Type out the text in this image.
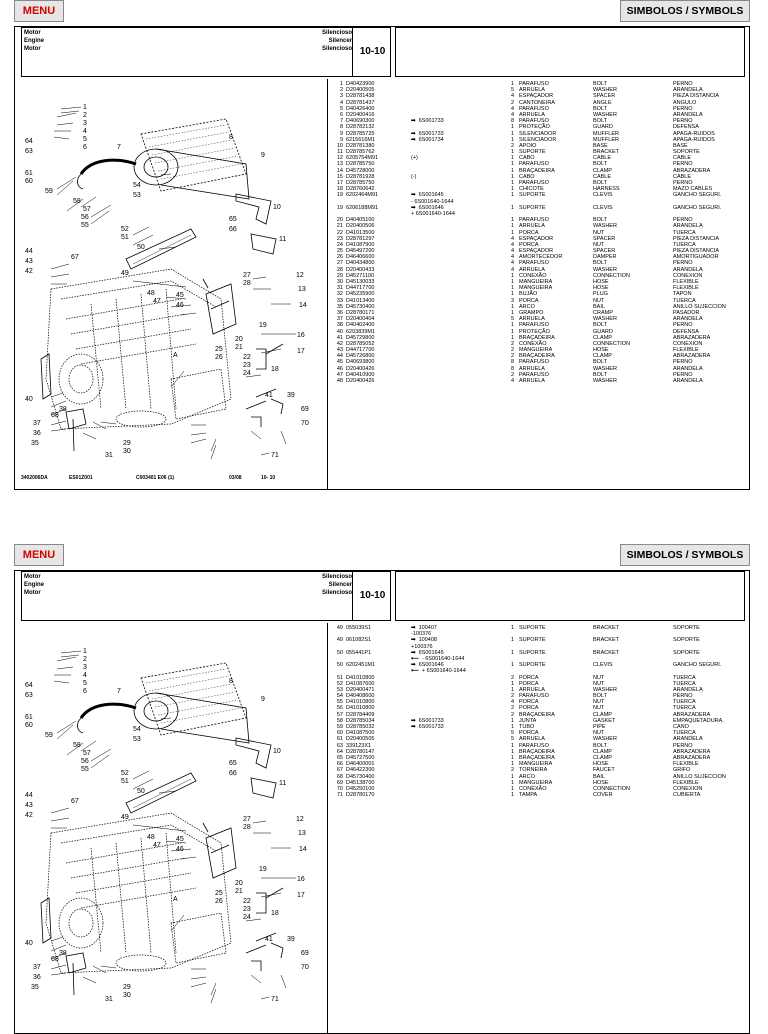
MENU	SIMBOLOS / SYMBOLS
Motor
Engine
Motor
Silencioso
Silencer
Silencioso 10-10
1
2
3
4
5
6	7
8
9
10
11
12
13
14
16
17
18
19
20
21
22
23
24
25
26
27
28
29
30
31
35
36
37
38
39
40
41
42
43
44
45
46
47
48
49
50
51
52
53
54
55
56
57
58
59
60
61
63
64
65
66
67
68
69
70
71
A
3402006DA	ES01Z001	C003401 E06 (1)	03/08	10- 10
1 D40423900	1 PARAFUSO	BOLT	PERNO
2 D20400505	5 ARRUELA	WASHER	ARANDELA
3 D28781438	4 ESPAÇADOR	SPACER	PIEZA DISTANCIA
4 D28781437	2 CANTONEIRA	ANGLE	ANGULO
5 D40426400	4 PARAFUSO	BOLT	PERNO
6 D20400416	4 ARRUELA	WASHER	ARANDELA
7 D40690300	➡ 6S001733	8 PARAFUSO	BOLT	PERNO
8 D28782132	1 PROTEÇÃO	GUARD	DEFENSA
9 D28785725	➡ 6S001733	1 SILENCIADOR	MUFFLER	APAGA-RUIDOS
9 6215616M1	➡ 6S001734	1 SILENCIADOR	MUFFLER	APAGA-RUIDOS
10 D28781380	2 APOIO	BASE	BASE
11 D28785762	1 SUPORTE	BRACKET	SOPORTE
12 6205754M91	(+)	1 CABO	CABLE	CABLE
13 D28785750	1 PARAFUSO	BOLT	PERNO
14 D45728000	1 BRAÇADEIRA	CLAMP	ABRAZADERA
15 D28781928	(-)	1 CABO	CABLE	CABLE
17 D28785750	1 PARAFUSO	BOLT	PERNO
18 D28760642	1 CHICOTE	HARNESS	MAZO CABLES
19 6202464M91	➡ 6S001645	1 SUPORTE	CLEVIS	GANCHO SEGURI.
- 6S001640-1644
19 6206188M91	➡ 6S001646	1 SUPORTE	CLEVIS	GANCHO SEGURI.
+ 6S001640-1644
20 D40405100	1 PARAFUSO	BOLT	PERNO
21 D20400506	1 ARRUELA	WASHER	ARANDELA
22 D41013500	1 PORCA	NUT	TUERCA
23 D28781297	4 ESPAÇADOR	SPACER	PIEZA DISTANCIA
24 D41087900	4 PORCA	NUT	TUERCA
25 D45497200	4 ESPAÇADOR	SPACER	PIEZA DISTANCIA
26 D46406600	4 AMORTECEDOR	DAMPER	AMORTIGUADOR
27 D40434800	4 PARAFUSO	BOLT	PERNO
28 D20400433	4 ARRUELA	WASHER	ARANDELA
29 D45271100	1 CONEXÃO	CONNECTION	CONEXION
30 D45130033	1 MANGUEIRA	HOSE	FLEXIBLE
31 D44717700	1 MANGUEIRA	HOSE	FLEXIBLE
32 D45235900	1 BUJÃO	PLUG	TAPON
33 D41013400	3 PORCA	NUT	TUERCA
35 D45730400	1 ARCO	BAIL	ANILLO SUJECCION
36 D28780171	1 GRAMPO	CRAMP	PASADOR
37 D20400404	5 ARRUELA	WASHER	ARANDELA
38 D40402400	1 PARAFUSO	BOLT	PERNO
40 6203839M1	1 PROTEÇÃO	GUARD	DEFENSA
41 D45729800	1 BRAÇADEIRA	CLAMP	ABRAZADERA
42 D28785052	2 CONEXÃO	CONNECTION	CONEXION
43 D44717700	2 MANGUEIRA	HOSE	FLEXIBLE
44 D45726800	2 BRAÇADEIRA	CLAMP	ABRAZADERA
45 D40693800	8 PARAFUSO	BOLT	PERNO
46 D20400426	8 ARRUELA	WASHER	ARANDELA
47 D40410900	2 PARAFUSO	BOLT	PERNO
48 D20400426	4 ARRUELA	WASHER	ARANDELA
MENU	SIMBOLOS / SYMBOLS
Motor
Engine
Motor
Silencioso
Silencer
Silencioso 10-10
1
2
3
4
5
6	7
8
9
10
11
12
13
14
16
17
18
19
20
21
22
23
24
25
26
27
28
29
30
31
35
36
37
38
39
40
41
42
43
44
45
46
47
48
49
50
51
52
53
54
55
56
57
58
59
60
61
63
64
65
66
67
68
69
70
71
A
49 055039S1	➡ 100407	1 SUPORTE	BRACKET	SOPORTE
-100376
49 061082S1	➡ 100408	1 SUPORTE	BRACKET	SOPORTE
+100376
50 055441P1	➡ 6S001645	1 SUPORTE	BRACKET	SOPORTE
⟵ - 6S001640-1644
50 6202451M1	➡ 6S001646	1 SUPORTE	CLEVIS	GANCHO SEGURI.
⟵ + 6S001640-1644
51 D41010800	2 PORCA	NUT	TUERCA
52 D41087600	1 PORCA	NUT	TUERCA
53 D20400471	1 ARRUELA	WASHER	ARANDELA
54 D40408600	2 PARAFUSO	BOLT	PERNO
55 D41010800	4 PORCA	NUT	TUERCA
56 D41010800	2 PORCA	NUT	TUERCA
57 D28784409	2 BRAÇADEIRA	CLAMP	ABRAZADERA
58 D28785034	➡ 6S001733	1 JUNTA	GASKET	EMPAQUETADURA.
59 D28785032	➡ 6S001733	1 TUBO	PIPE	CANO
60 D41087500	5 PORCA	NUT	TUERCA
61 D20400505	5 ARRUELA	WASHER	ARANDELA
63 339123X1	1 PARAFUSO	BOLT	PERNO
64 D28780147	1 BRAÇADEIRA	CLAMP	ABRAZADERA
65 D45727500	1 BRAÇADEIRA	CLAMP	ABRAZADERA
66 D46400001	1 MANGUEIRA	HOSE	FLEXIBLE
67 D46422300	2 TORNEIRA	FAUCET	GRIFO
68 D45730400	1 ARCO	BAIL	ANILLO SUJECCION
69 D45138700	1 MANGUEIRA	HOSE	FLEXIBLE
70 D45250100	1 CONEXÃO	CONNECTION	CONEXION
71 D28780170	1 TAMPA	COVER	CUBIERTA
